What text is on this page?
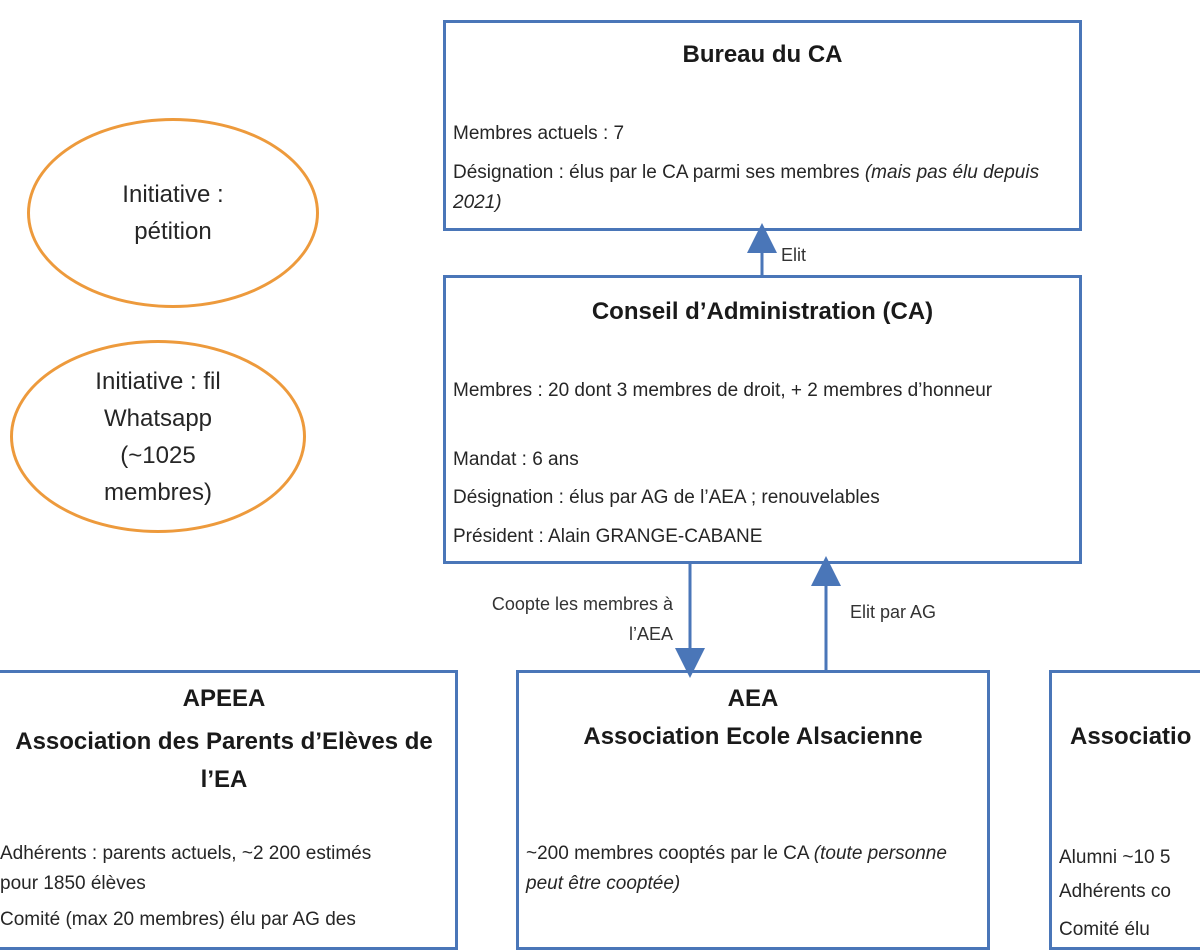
Bureau du CA
Membres actuels : 7
Désignation : élus par le CA parmi ses membres (mais pas élu depuis 2021)
Elit
Conseil d’Administration (CA)
Membres : 20 dont 3 membres de droit, + 2 membres d’honneur
Mandat : 6 ans
Désignation : élus par AG de l’AEA ; renouvelables
Président : Alain GRANGE-CABANE
Coopte les membres à l’AEA
Elit par AG
Initiative : pétition
Initiative : fil Whatsapp (~1025 membres)
APEEA
Association des Parents d’Elèves de l’EA
Adhérents : parents actuels, ~2 200 estimés pour 1850 élèves
Comité (max 20 membres) élu par AG des
AEA
Association Ecole Alsacienne
~200 membres cooptés par le CA (toute personne peut être cooptée)
Associatio
Alumni ~10 5
Adhérents co
Comité élu
